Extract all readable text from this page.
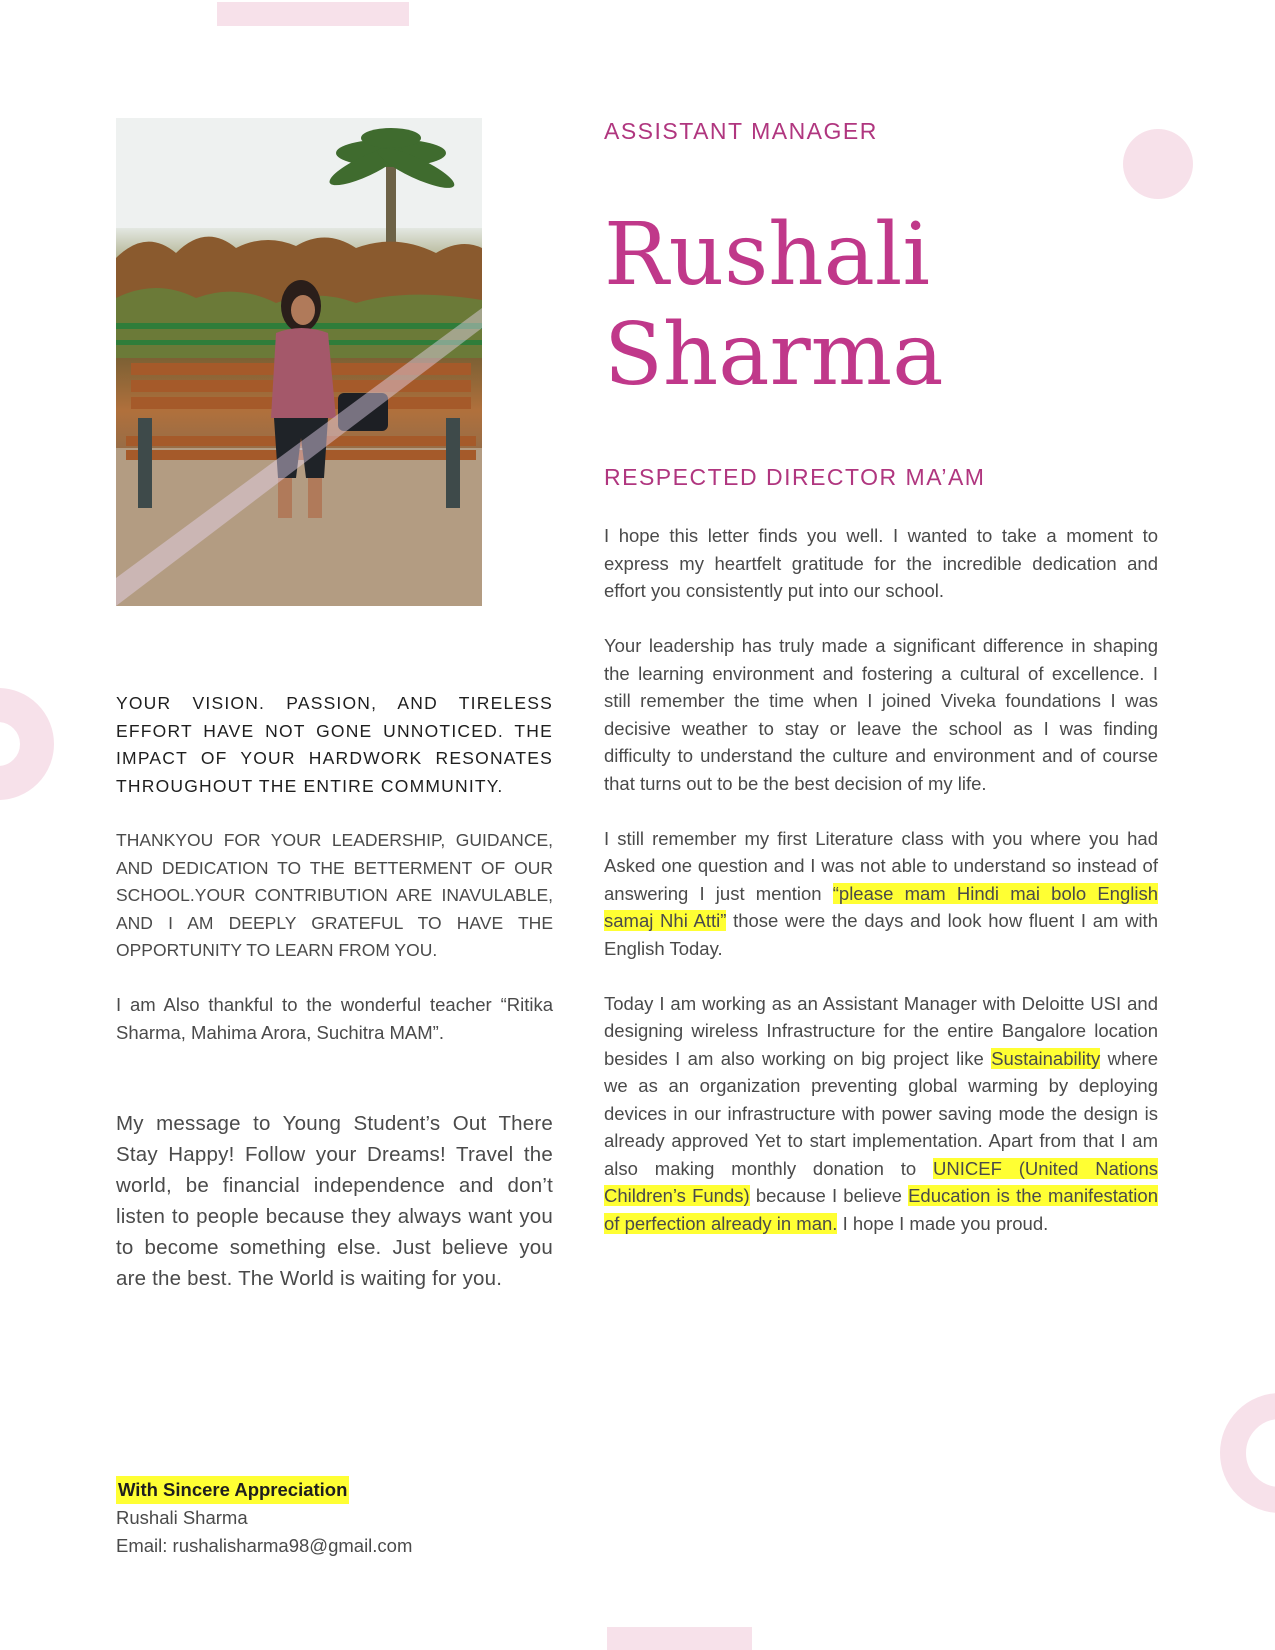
ASSISTANT MANAGER
Rushali
Sharma
RESPECTED DIRECTOR MA’AM

I hope this letter finds you well. I wanted to take a moment to express my heartfelt gratitude for the incredible dedication and effort you consistently put into our school.

Your leadership has truly made a significant difference in shaping the learning environment and fostering a cultural of excellence. I still remember the time when I joined Viveka foundations I was decisive weather to stay or leave the school as I was finding difficulty to understand the culture and environment and of course that turns out to be the best decision of my life.

I still remember my first Literature class with you where you had Asked one question and I was not able to understand so instead of answering I just mention “please mam Hindi mai bolo English samaj Nhi Atti” those were the days and look how fluent I am with English Today.

Today I am working as an Assistant Manager with Deloitte USI and designing wireless Infrastructure for the entire Bangalore location besides I am also working on big project like Sustainability where we as an organization preventing global warming by deploying devices in our infrastructure with power saving mode the design is already approved Yet to start implementation. Apart from that I am also making monthly donation to UNICEF (United Nations Children’s Funds) because I believe Education is the manifestation of perfection already in man. I hope I made you proud.

YOUR VISION. PASSION, AND TIRELESS EFFORT HAVE NOT GONE UNNOTICED. THE IMPACT OF YOUR HARDWORK RESONATES THROUGHOUT THE ENTIRE COMMUNITY.
THANKYOU FOR YOUR LEADERSHIP, GUIDANCE, AND DEDICATION TO THE BETTERMENT OF OUR SCHOOL.YOUR CONTRIBUTION ARE INAVULABLE, AND I AM DEEPLY GRATEFUL TO HAVE THE OPPORTUNITY TO LEARN FROM YOU.
I am Also thankful to the wonderful teacher “Ritika Sharma, Mahima Arora, Suchitra MAM”.
My message to Young Student’s Out There Stay Happy! Follow your Dreams! Travel the world, be financial independence and don’t listen to people because they always want you to become something else. Just believe you are the best. The World is waiting for you.
With Sincere Appreciation
Rushali Sharma
Email: rushalisharma98@gmail.com
